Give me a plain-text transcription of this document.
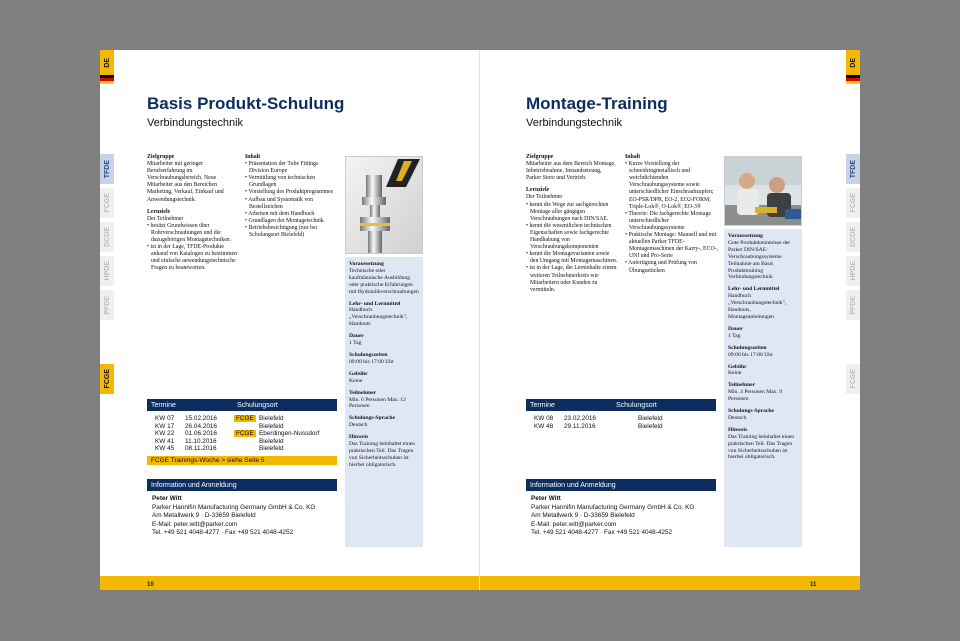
DE
TFDE
FCGE
DCDE
HPDE
PFDE
FCGE
Basis Produkt-Schulung
Verbindungstechnik

Zielgruppe
Mitarbeiter mit geringer Berufserfahrung im Verschraubungsbereich. Neue Mitarbeiter aus den Bereichen Marketing, Verkauf, Einkauf und Anwendungstechnik.

Lernziele
Der Teilnehmer
• besitzt Grundwissen über Rohrverschraubungen und die dazugehörigen Montagetechniken.
• ist in der Lage, TFDE-Produkte anhand von Katalogen zu bestimmen und einfache anwendungstechnische Fragen zu beantworten.
Inhalt
• Präsentation der Tube Fittings Division Europe
• Vermittlung von technischen Grundlagen
• Vorstellung des Produktprogrammes
• Aufbau und Systematik von Bestellzeichen
• Arbeiten mit dem Handbuch
• Grundlagen der Montagetechnik
• Betriebsbesichtigung (nur bei Schulungsort Bielefeld)

Voraussetzung
Technische oder kaufmännische Ausbildung oder praktische Erfahrungen mit Hydraulikverschraubungen

Lehr- und Lernmittel
Handbuch „Verschraubungstechnik", Handouts

Dauer
1 Tag

Schulungszeiten
09:00 bis 17:00 Uhr

Gebühr
Keine

Teilnehmer
Min. 6 Personen Max. 12 Personen

Schulungs-Sprache
Deutsch

Hinweis
Das Training beinhaltet einen praktischen Teil. Das Tragen von Sicherheitsschuhen ist hierbei obligatorisch.

Termine	Schulungsort
KW 07 15.02.2016	FCGE Bielefeld
KW 17 26.04.2016	Bielefeld
KW 22 01.06.2016	FCGE Eberdingen-Nussdorf
KW 41 11.10.2016	Bielefeld
KW 45 08.11.2016	Bielefeld
FCGE Trainings-Woche > siehe Seite 5
Information und Anmeldung
Peter Witt
Parker Hannifin Manufacturing Germany GmbH & Co. KG
Am Metallwerk 9 · D-33659 Bielefeld
E-Mail: peter.witt@parker.com
Tel. +49 521 4048-4277 · Fax +49 521 4048-4252
10
DE
TFDE
FCGE
DCDE
HPDE
PFDE
FCGE
Montage-Training
Verbindungstechnik

Zielgruppe
Mitarbeiter aus dem Bereich Montage, Inbetriebnahme, Instandsetzung, Parker Store und Vertrieb.

Lernziele
Der Teilnehmer
• kennt die Wege zur sachgerechten Montage aller gängigen Verschraubungen nach DIN/SAE.
• kennt die wesentlichen technischen Eigenschaften sowie fachgerechte Handhabung von Verschraubungskomponenten
• kennt die Montagevarianten sowie den Umgang mit Montagemaschinen.
• ist in der Lage, die Lerninhalte einem weiteren Teilnehmerkreis wie Mitarbeitern oder Kunden zu vermitteln.
Inhalt
• Kurze Vorstellung der schneidringmetallisch und weichdichtenden Verschraubungssysteme sowie unterschiedlicher Einschraubzapfen; EO-PSR/DPR, EO-2, EO2-FORM, Triple-Lok®, O-Lok®, EO-3®
• Theorie: Die fachgerechte Montage unterschiedlicher Verschraubungssysteme
• Praktische Montage: Manuell und mit aktuellen Parker TFDE-Montagemaschinen der Karry-, ECO-, UNI und Pro-Serie
• Anfertigung und Prüfung von Übungsstücken

Voraussetzung
Gute Produktkenntnisse der Parker DIN/SAE-Verschraubungssysteme Teilnahme am Basis Produkttraining Verbindungstechnik

Lehr- und Lernmittel
Handbuch „Verschraubungstechnik", Handouts, Montageanleitungen

Dauer
1 Tag

Schulungszeiten
09:00 bis 17:00 Uhr

Gebühr
Keine

Teilnehmer
Min. 4 Personen Max. 9 Personen

Schulungs-Sprache
Deutsch

Hinweis
Das Training beinhaltet einen praktischen Teil. Das Tragen von Sicherheitsschuhen ist hierbei obligatorisch.

Termine	Schulungsort
KW 08 23.02.2016	Bielefeld
KW 48 29.11.2016	Bielefeld
Information und Anmeldung
Peter Witt
Parker Hannifin Manufacturing Germany GmbH & Co. KG
Am Metallwerk 9 · D-33659 Bielefeld
E-Mail: peter.witt@parker.com
Tel. +49 521 4048-4277 · Fax +49 521 4048-4252
11
